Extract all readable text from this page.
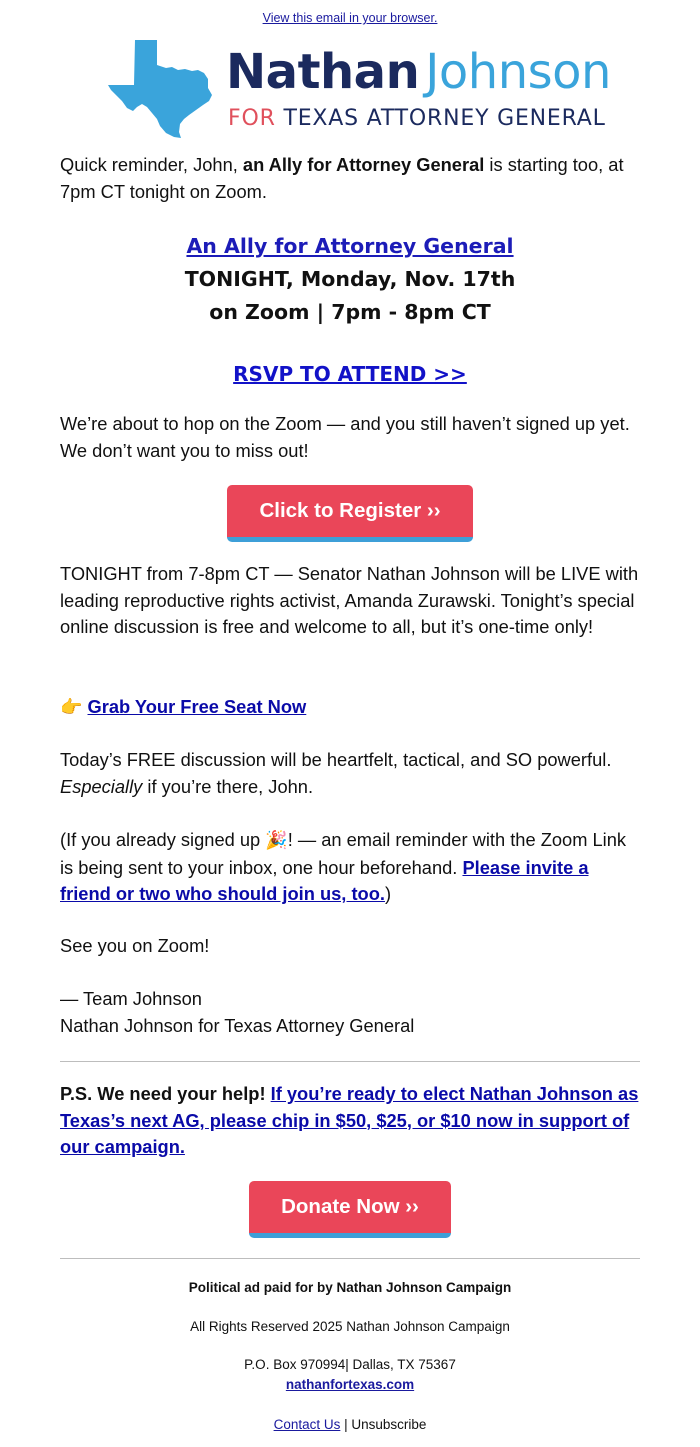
View this email in your browser.
Nathan Johnson
FOR TEXAS ATTORNEY GENERAL

Quick reminder, John, an Ally for Attorney General is starting too, at 7pm CT tonight on Zoom.

An Ally for Attorney General
TONIGHT, Monday, Nov. 17th
on Zoom | 7pm - 8pm CT
RSVP TO ATTEND >>

We’re about to hop on the Zoom — and you still haven’t signed up yet. We don’t want you to miss out!

Click to Register ››

TONIGHT from 7-8pm CT — Senator Nathan Johnson will be LIVE with leading reproductive rights activist, Amanda Zurawski. Tonight’s special online discussion is free and welcome to all, but it’s one-time only!

👉 Grab Your Free Seat Now

Today’s FREE discussion will be heartfelt, tactical, and SO powerful.
Especially if you’re there, John.

(If you already signed up 🎉! — an email reminder with the Zoom Link is being sent to your inbox, one hour beforehand. Please invite a friend or two who should join us, too.)

See you on Zoom!

— Team Johnson
Nathan Johnson for Texas Attorney General

P.S. We need your help! If you’re ready to elect Nathan Johnson as Texas’s next AG, please chip in $50, $25, or $10 now in support of our campaign.

Donate Now ››
Political ad paid for by Nathan Johnson Campaign
All Rights Reserved 2025 Nathan Johnson Campaign
P.O. Box 970994| Dallas, TX 75367
nathanfortexas.com
Contact Us | Unsubscribe
